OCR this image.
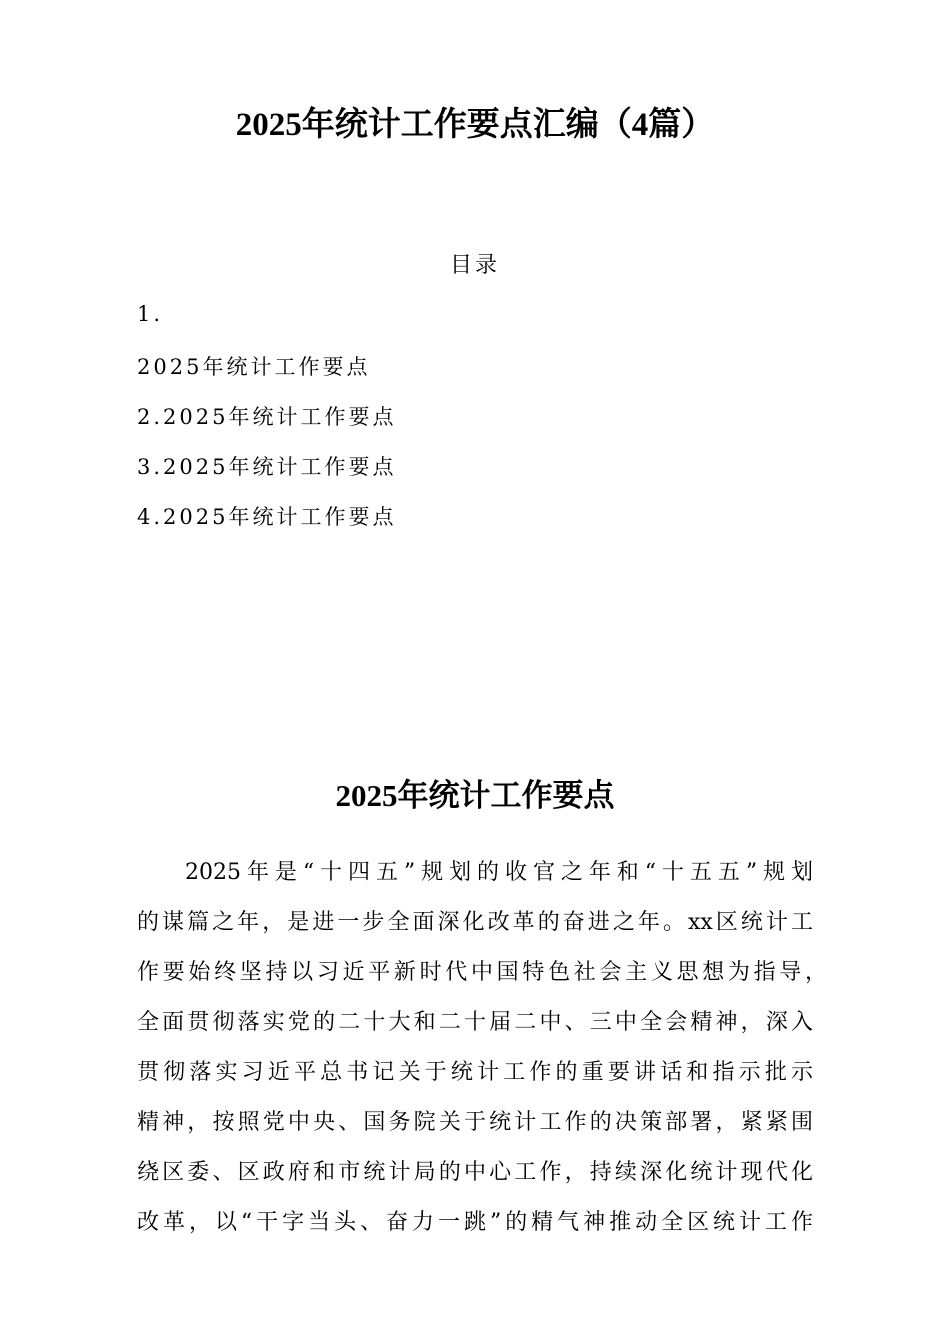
2025年统计工作要点汇编（4篇）
目录
1.
2025年统计工作要点
2.2025年统计工作要点
3.2025年统计工作要点
4.2025年统计工作要点
2025年统计工作要点
2025年是“十四五”规划的收官之年和“十五五”规划
的谋篇之年，是进一步全面深化改革的奋进之年。xx区统计工
作要始终坚持以习近平新时代中国特色社会主义思想为指导，
全面贯彻落实党的二十大和二十届二中、三中全会精神，深入
贯彻落实习近平总书记关于统计工作的重要讲话和指示批示
精神，按照党中央、国务院关于统计工作的决策部署，紧紧围
绕区委、区政府和市统计局的中心工作，持续深化统计现代化
改革，以“干字当头、奋力一跳”的精气神推动全区统计工作
